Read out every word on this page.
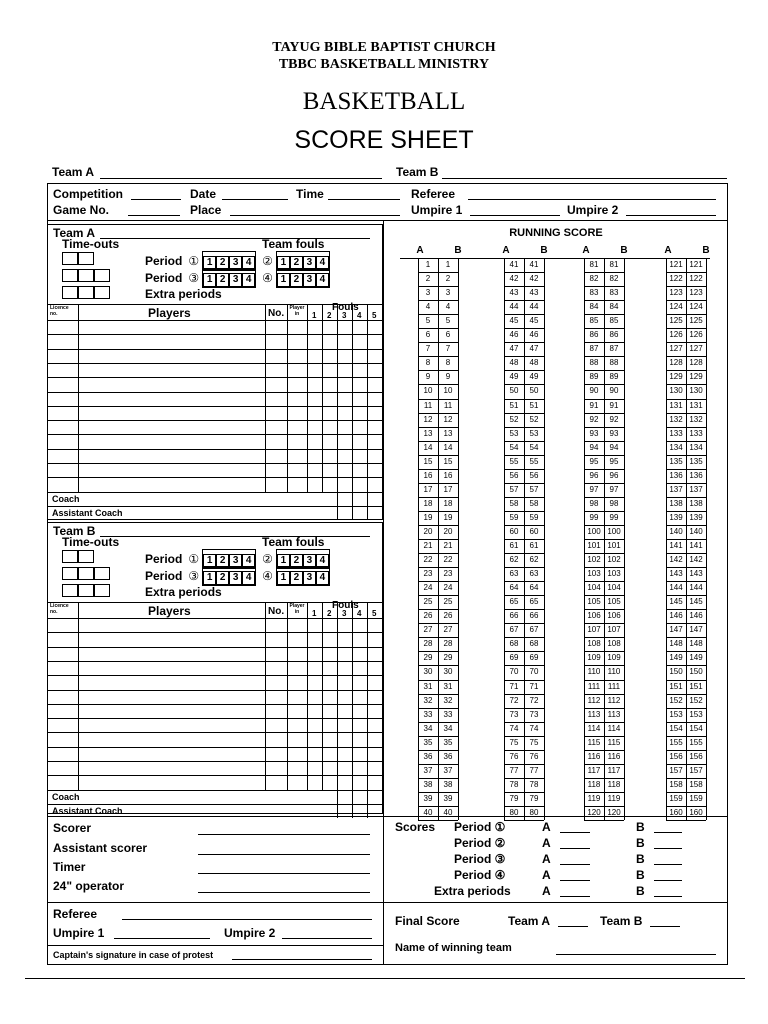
TAYUG BIBLE BAPTIST CHURCH
TBBC BASKETBALL MINISTRY
BASKETBALL
SCORE SHEET
Team A	Team B
Competition	Date	Time	Referee
Game No.	Place	Umpire 1	Umpire 2
Team A
Time-outs	Team fouls
Period ① 1 2 3 4 ② 1 2 3 4
Period ③ 1 2 3 4 ④ 1 2 3 4
Extra periods
Licence no.	Players	No.	Player in
Fouls
1 2 3 4 5
Coach
Assistant Coach
Team B
Time-outs	Team fouls
Period ① 1 2 3 4 ② 1 2 3 4
Period ③ 1 2 3 4 ④ 1 2 3 4
Extra periods
Licence no.	Players	No.	Player in
Fouls
1 2 3 4 5
Coach
Assistant Coach
RUNNING SCORE
A	B
1	1
2	2
3	3
4	4
5	5
6	6
7	7
8	8
9	9
10	10
11	11
12	12
13	13
14	14
15	15
16	16
17	17
18	18
19	19
20	20
21	21
22	22
23	23
24	24
25	25
26	26
27	27
28	28
29	29
30	30
31	31
32	32
33	33
34	34
35	35
36	36
37	37
38	38
39	39
40	40
A	B
41	41
42	42
43	43
44	44
45	45
46	46
47	47
48	48
49	49
50	50
51	51
52	52
53	53
54	54
55	55
56	56
57	57
58	58
59	59
60	60
61	61
62	62
63	63
64	64
65	65
66	66
67	67
68	68
69	69
70	70
71	71
72	72
73	73
74	74
75	75
76	76
77	77
78	78
79	79
80	80
A	B
81	81
82	82
83	83
84	84
85	85
86	86
87	87
88	88
89	89
90	90
91	91
92	92
93	93
94	94
95	95
96	96
97	97
98	98
99	99
100 100
101 101
102 102
103 103
104 104
105 105
106 106
107 107
108 108
109 109
110 110
111 111
112 112
113 113
114 114
115 115
116 116
117 117
118 118
119 119
120 120
A	B
121 121
122 122
123 123
124 124
125 125
126 126
127 127
128 128
129 129
130 130
131 131
132 132
133 133
134 134
135 135
136 136
137 137
138 138
139 139
140 140
141 141
142 142
143 143
144 144
145 145
146 146
147 147
148 148
149 149
150 150
151 151
152 152
153 153
154 154
155 155
156 156
157 157
158 158
159 159
160 160
Scorer
Assistant scorer
Timer
24" operator
Referee
Umpire 1	Umpire 2
Captain's signature in case of protest
Scores Period ①	A	B
Period ②	A	B
Period ③	A	B
Period ④	A	B
Extra periods	A	B
Final Score	Team A	Team B
Name of winning team
